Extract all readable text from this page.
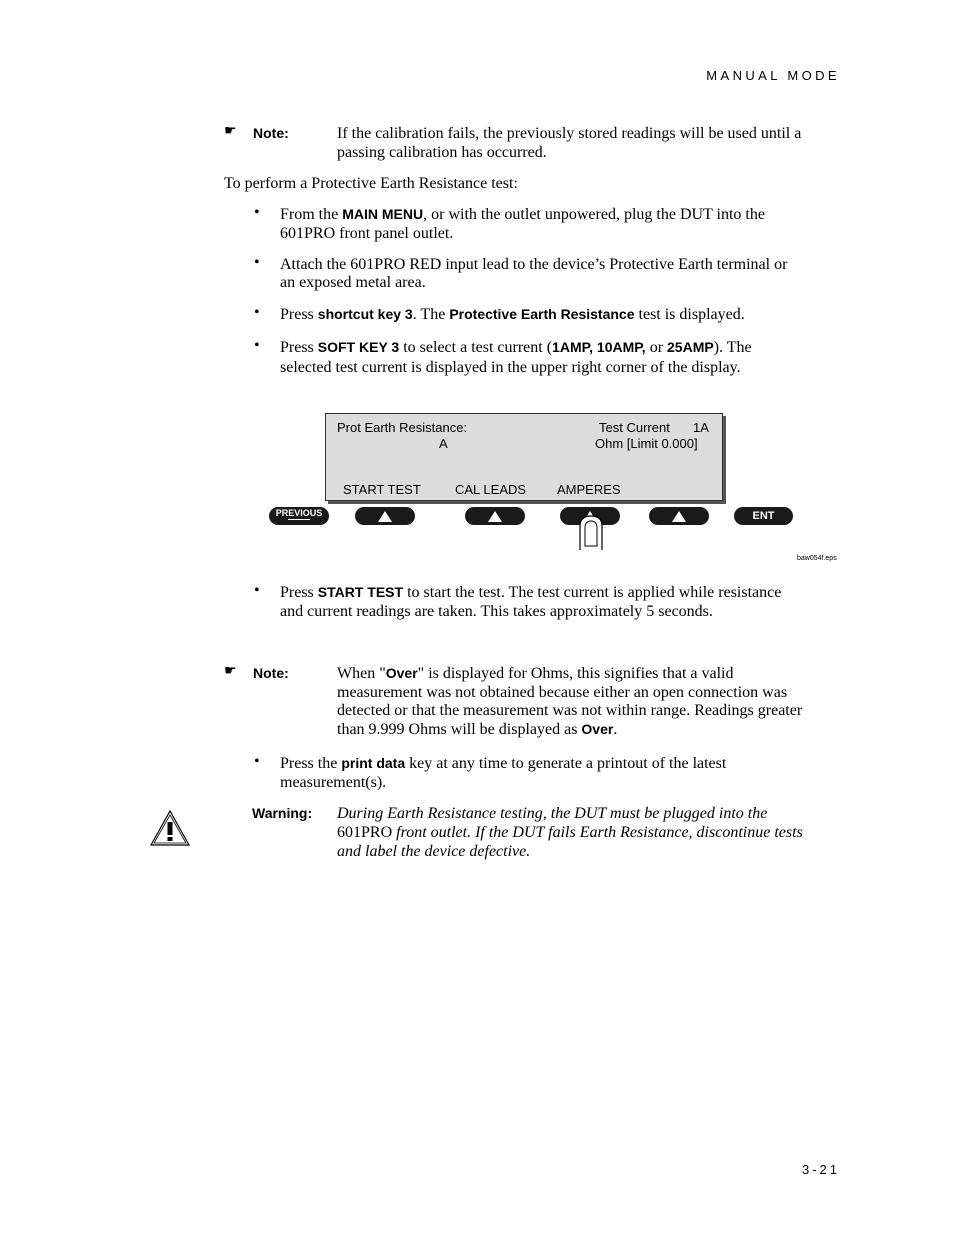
MANUAL MODE
☛ Note:	If the calibration fails, the previously stored readings will be used until a
passing calibration has occurred.
To perform a Protective Earth Resistance test:
• From the MAIN MENU, or with the outlet unpowered, plug the DUT into the
601PRO front panel outlet.
• Attach the 601PRO RED input lead to the device’s Protective Earth terminal or
an exposed metal area.
• Press shortcut key 3. The Protective Earth Resistance test is displayed.
• Press SOFT KEY 3 to select a test current (1AMP, 10AMP, or 25AMP). The
selected test current is displayed in the upper right corner of the display.
Prot Earth Resistance:	Test Current 1A
A	Ohm [Limit 0.000]
START TEST	CAL LEADS AMPERES
PREVIOUS	ENT
baw054f.eps
• Press START TEST to start the test. The test current is applied while resistance
and current readings are taken. This takes approximately 5 seconds.
☛ Note:	When "Over" is displayed for Ohms, this signifies that a valid
measurement was not obtained because either an open connection was
detected or that the measurement was not within range. Readings greater
than 9.999 Ohms will be displayed as Over.
• Press the print data key at any time to generate a printout of the latest
measurement(s).
Warning: During Earth Resistance testing, the DUT must be plugged into the
601PRO front outlet. If the DUT fails Earth Resistance, discontinue tests
and label the device defective.
3-21
